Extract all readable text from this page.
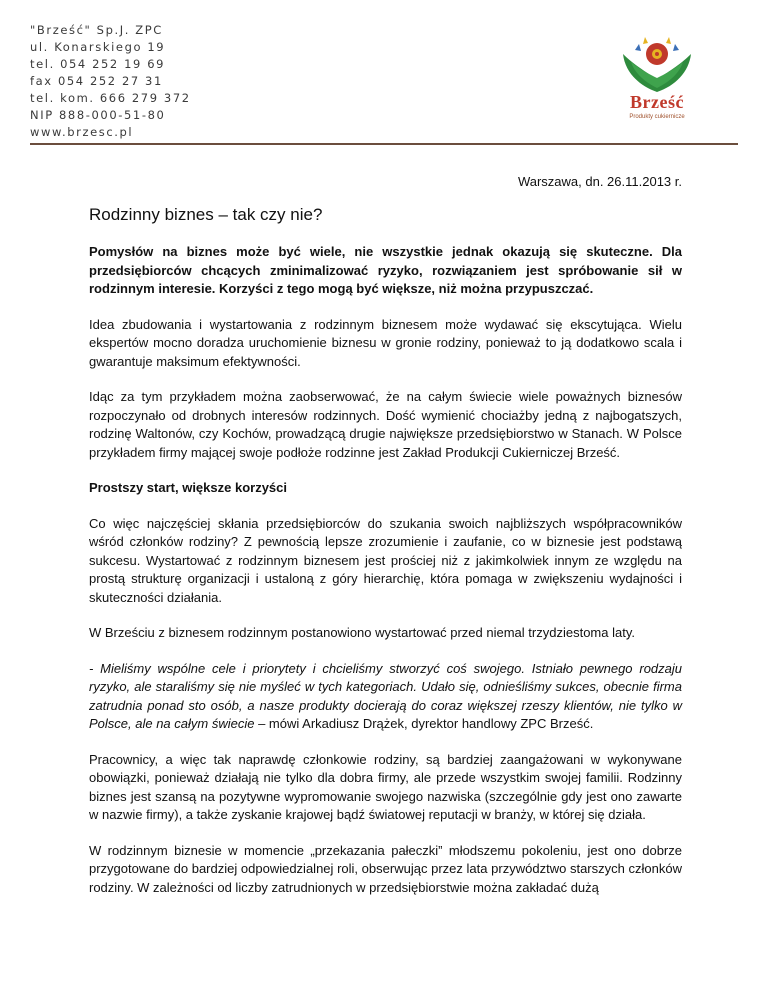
"Brześć" Sp.J. ZPC
ul. Konarskiego 19
tel. 054 252 19 69
fax 054 252 27 31
tel. kom. 666 279 372
NIP 888-000-51-80
www.brzesc.pl
Brześć
Produkty cukiernicze
Warszawa, dn. 26.11.2013 r.
Rodzinny biznes – tak czy nie?

Pomysłów na biznes może być wiele, nie wszystkie jednak okazują się skuteczne. Dla przedsiębiorców chcących zminimalizować ryzyko, rozwiązaniem jest spróbowanie sił w rodzinnym interesie. Korzyści z tego mogą być większe, niż można przypuszczać.

Idea zbudowania i wystartowania z rodzinnym biznesem może wydawać się ekscytująca. Wielu ekspertów mocno doradza uruchomienie biznesu w gronie rodziny, ponieważ to ją dodatkowo scala i gwarantuje maksimum efektywności.

Idąc za tym przykładem można zaobserwować, że na całym świecie wiele poważnych biznesów rozpoczynało od drobnych interesów rodzinnych. Dość wymienić chociażby jedną z najbogatszych, rodzinę Waltonów, czy Kochów, prowadzącą drugie największe przedsiębiorstwo w Stanach. W Polsce przykładem firmy mającej swoje podłoże rodzinne jest Zakład Produkcji Cukierniczej Brześć.

Prostszy start, większe korzyści

Co więc najczęściej skłania przedsiębiorców do szukania swoich najbliższych współpracowników wśród członków rodziny? Z pewnością lepsze zrozumienie i zaufanie, co w biznesie jest podstawą sukcesu. Wystartować z rodzinnym biznesem jest prościej niż z jakimkolwiek innym ze względu na prostą strukturę organizacji i ustaloną z góry hierarchię, która pomaga w zwiększeniu wydajności i skuteczności działania.

W Brześciu z biznesem rodzinnym postanowiono wystartować przed niemal trzydziestoma laty.

- Mieliśmy wspólne cele i priorytety i chcieliśmy stworzyć coś swojego. Istniało pewnego rodzaju ryzyko, ale staraliśmy się nie myśleć w tych kategoriach. Udało się, odnieśliśmy sukces, obecnie firma zatrudnia ponad sto osób, a nasze produkty docierają do coraz większej rzeszy klientów, nie tylko w Polsce, ale na całym świecie – mówi Arkadiusz Drążek, dyrektor handlowy ZPC Brześć.

Pracownicy, a więc tak naprawdę członkowie rodziny, są bardziej zaangażowani w wykonywane obowiązki, ponieważ działają nie tylko dla dobra firmy, ale przede wszystkim swojej familii. Rodzinny biznes jest szansą na pozytywne wypromowanie swojego nazwiska (szczególnie gdy jest ono zawarte w nazwie firmy), a także zyskanie krajowej bądź światowej reputacji w branży, w której się działa.

W rodzinnym biznesie w momencie „przekazania pałeczki” młodszemu pokoleniu, jest ono dobrze przygotowane do bardziej odpowiedzialnej roli, obserwując przez lata przywództwo starszych członków rodziny. W zależności od liczby zatrudnionych w przedsiębiorstwie można zakładać dużą
